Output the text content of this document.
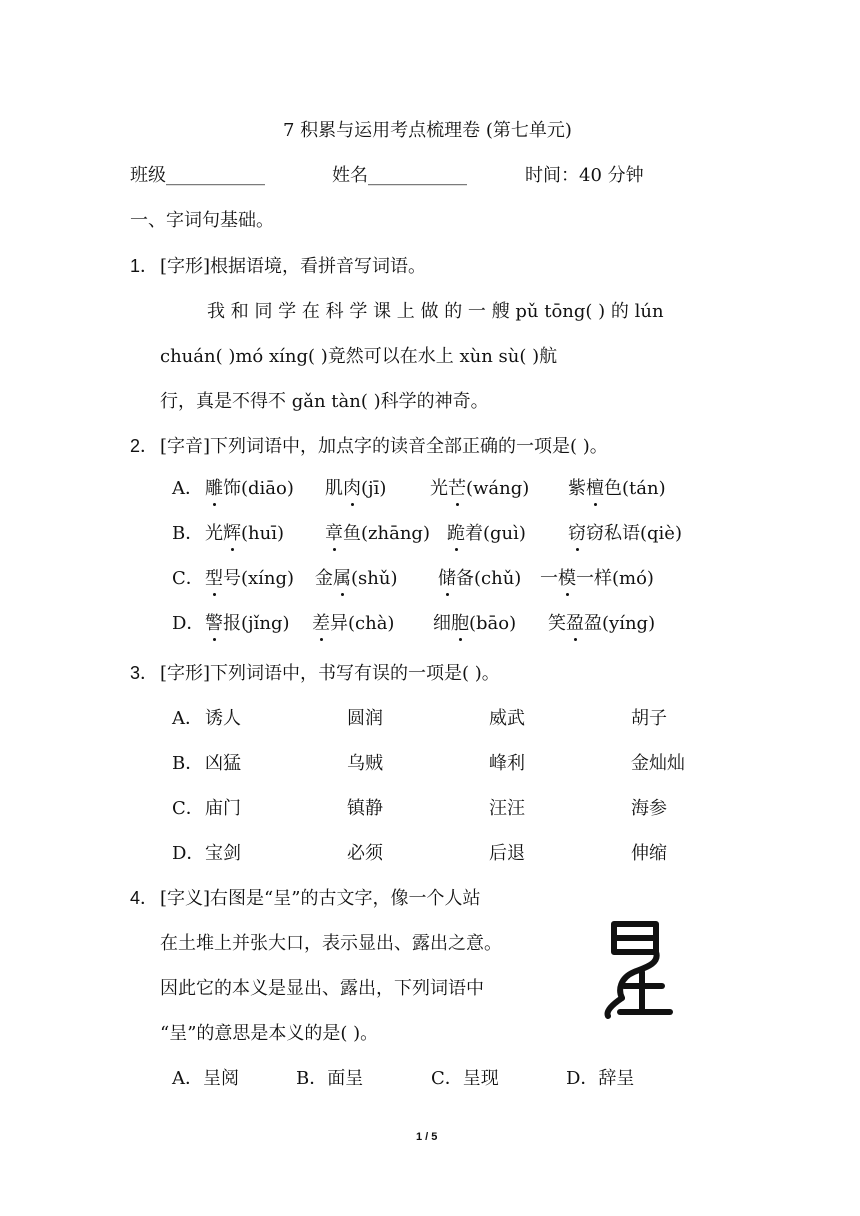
7 积累与运用考点梳理卷 (第七单元)
班级___________	姓名___________	时间：40 分钟
一、字词句基础。
1． [字形]根据语境，看拼音写词语。
我 和 同 学 在 科 学 课 上 做 的 一 艘 pǔ tōng( ) 的 lún
chuán( )mó xíng( )竟然可以在水上 xùn sù( )航
行，真是不得不 gǎn tàn( )科学的神奇。
2． [字音]下列词语中，加点字的读音全部正确的一项是( )。
A． 雕饰(diāo) 肌肉(jī) 光芒(wáng) 紫檀色(tán)
B． 光辉(huī) 章鱼(zhāng) 跪着(guì) 窃窃私语(qiè)
C． 型号(xíng) 金属(shǔ) 储备(chǔ) 一模一样(mó)
D． 警报(jǐng) 差异(chà) 细胞(bāo) 笑盈盈(yíng)
3． [字形]下列词语中，书写有误的一项是( )。
A． 诱人	圆润	威武	胡子
B． 凶猛	乌贼	峰利	金灿灿
C． 庙门	镇静	汪汪	海参
D． 宝剑	必须	后退	伸缩
4． [字义]右图是“呈”的古文字，像一个人站
在土堆上并张大口，表示显出、露出之意。
因此它的本义是显出、露出，下列词语中
“呈”的意思是本义的是( )。
A．呈阅	B．面呈	C．呈现	D．辞呈
1 / 5
